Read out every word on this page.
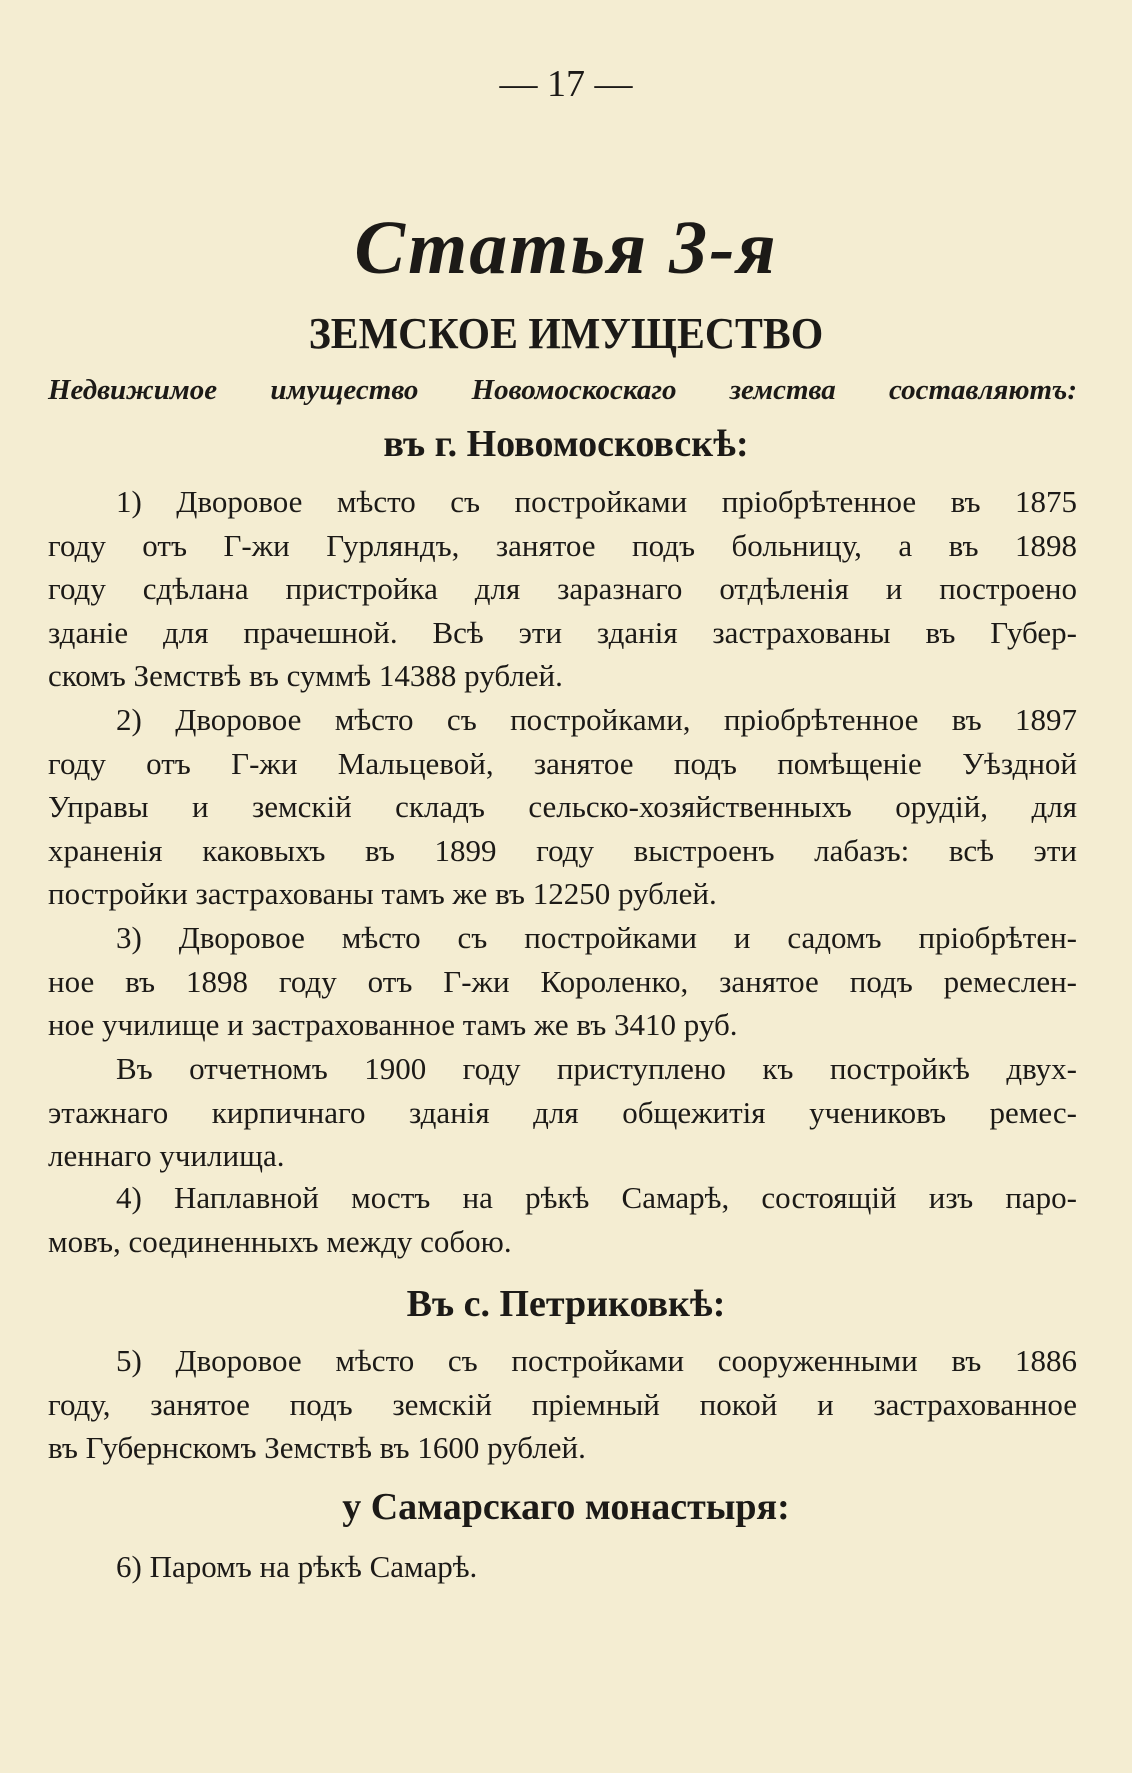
— 17 —
Статья 3-я
ЗЕМСКОЕ ИМУЩЕСТВО
Недвижимое имущество Новомоскоскаго земства составляютъ:
въ г. Новомосковскѣ:
1) Дворовое мѣсто съ постройками пріобрѣтенное въ 1875
году отъ Г-жи Гурляндъ, занятое подъ больницу, а въ 1898
году сдѣлана пристройка для заразнаго отдѣленія и построено
зданіе для прачешной. Всѣ эти зданія застрахованы въ Губер-
скомъ Земствѣ въ суммѣ 14388 рублей.
2) Дворовое мѣсто съ постройками, пріобрѣтенное въ 1897
году отъ Г-жи Мальцевой, занятое подъ помѣщеніе Уѣздной
Управы и земскій складъ сельско-хозяйственныхъ орудій, для
храненія каковыхъ въ 1899 году выстроенъ лабазъ: всѣ эти
постройки застрахованы тамъ же въ 12250 рублей.
3) Дворовое мѣсто съ постройками и садомъ пріобрѣтен-
ное въ 1898 году отъ Г-жи Короленко, занятое подъ ремеслен-
ное училище и застрахованное тамъ же въ 3410 руб.
Въ отчетномъ 1900 году приступлено къ постройкѣ двух-
этажнаго кирпичнаго зданія для общежитія учениковъ ремес-
леннаго училища.
4) Наплавной мостъ на рѣкѣ Самарѣ, состоящій изъ паро-
мовъ, соединенныхъ между собою.
Въ с. Петриковкѣ:
5) Дворовое мѣсто съ постройками сооруженными въ 1886
году, занятое подъ земскій пріемный покой и застрахованное
въ Губернскомъ Земствѣ въ 1600 рублей.
у Самарскаго монастыря:
6) Паромъ на рѣкѣ Самарѣ.
